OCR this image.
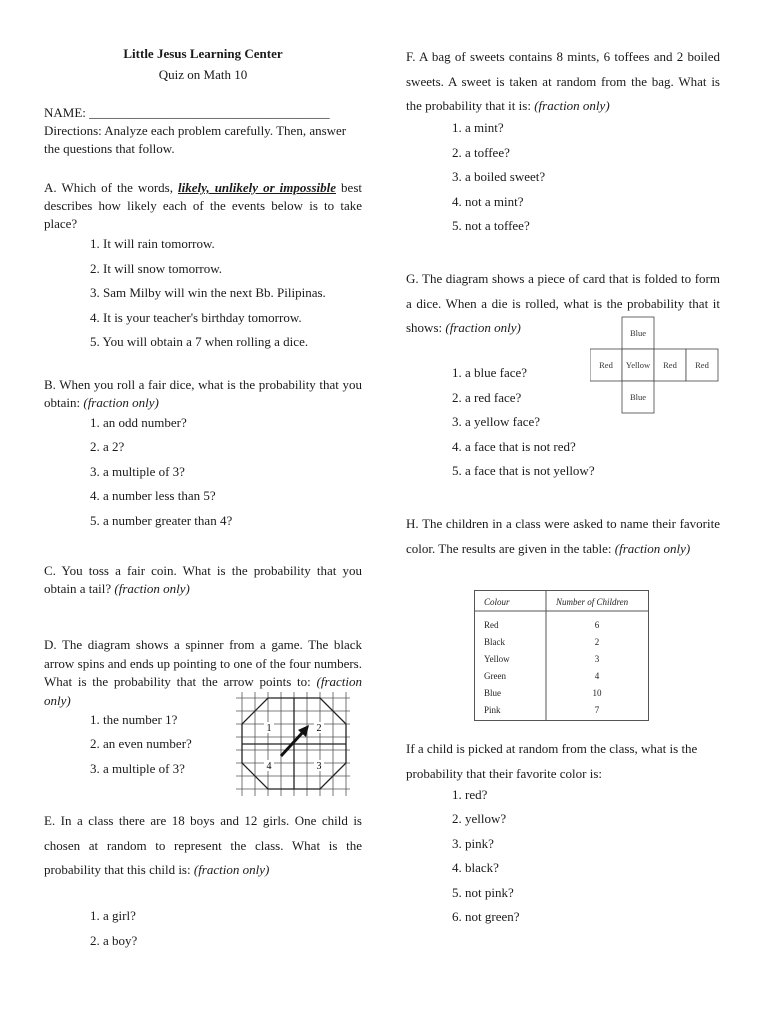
Little Jesus Learning Center
Quiz on Math 10
NAME: _____________________________________
Directions: Analyze each problem carefully. Then, answer the questions that follow.
A. Which of the words, likely, unlikely or impossible best describes how likely each of the events below is to take place?
1. It will rain tomorrow.
2. It will snow tomorrow.
3. Sam Milby will win the next Bb. Pilipinas.
4. It is your teacher's birthday tomorrow.
5. You will obtain a 7 when rolling a dice.
B. When you roll a fair dice, what is the probability that you obtain: (fraction only)
1. an odd number?
2. a 2?
3. a multiple of 3?
4. a number less than 5?
5. a number greater than 4?
C. You toss a fair coin. What is the probability that you obtain a tail? (fraction only)
D. The diagram shows a spinner from a game. The black arrow spins and ends up pointing to one of the four numbers. What is the probability that the arrow points to: (fraction only)
1. the number 1?
2. an even number?
3. a multiple of 3?
1	2
3
4
E. In a class there are 18 boys and 12 girls. One child is chosen at random to represent the class. What is the probability that this child is: (fraction only)
1. a girl?
2. a boy?
F. A bag of sweets contains 8 mints, 6 toffees and 2 boiled sweets. A sweet is taken at random from the bag. What is the probability that it is: (fraction only)
1. a mint?
2. a toffee?
3. a boiled sweet?
4. not a mint?
5. not a toffee?
G. The diagram shows a piece of card that is folded to form a dice. When a die is rolled, what is the probability that it shows: (fraction only)
1. a blue face?
2. a red face?
3. a yellow face?
4. a face that is not red?
5. a face that is not yellow?
Blue
Red Yellow Red Red
Blue
H. The children in a class were asked to name their favorite color. The results are given in the table: (fraction only)
Colour	Number of Children
Red	6
Black	2
Yellow	3
Green	4
Blue	10
Pink	7
If a child is picked at random from the class, what is the probability that their favorite color is:
1. red?
2. yellow?
3. pink?
4. black?
5. not pink?
6. not green?
